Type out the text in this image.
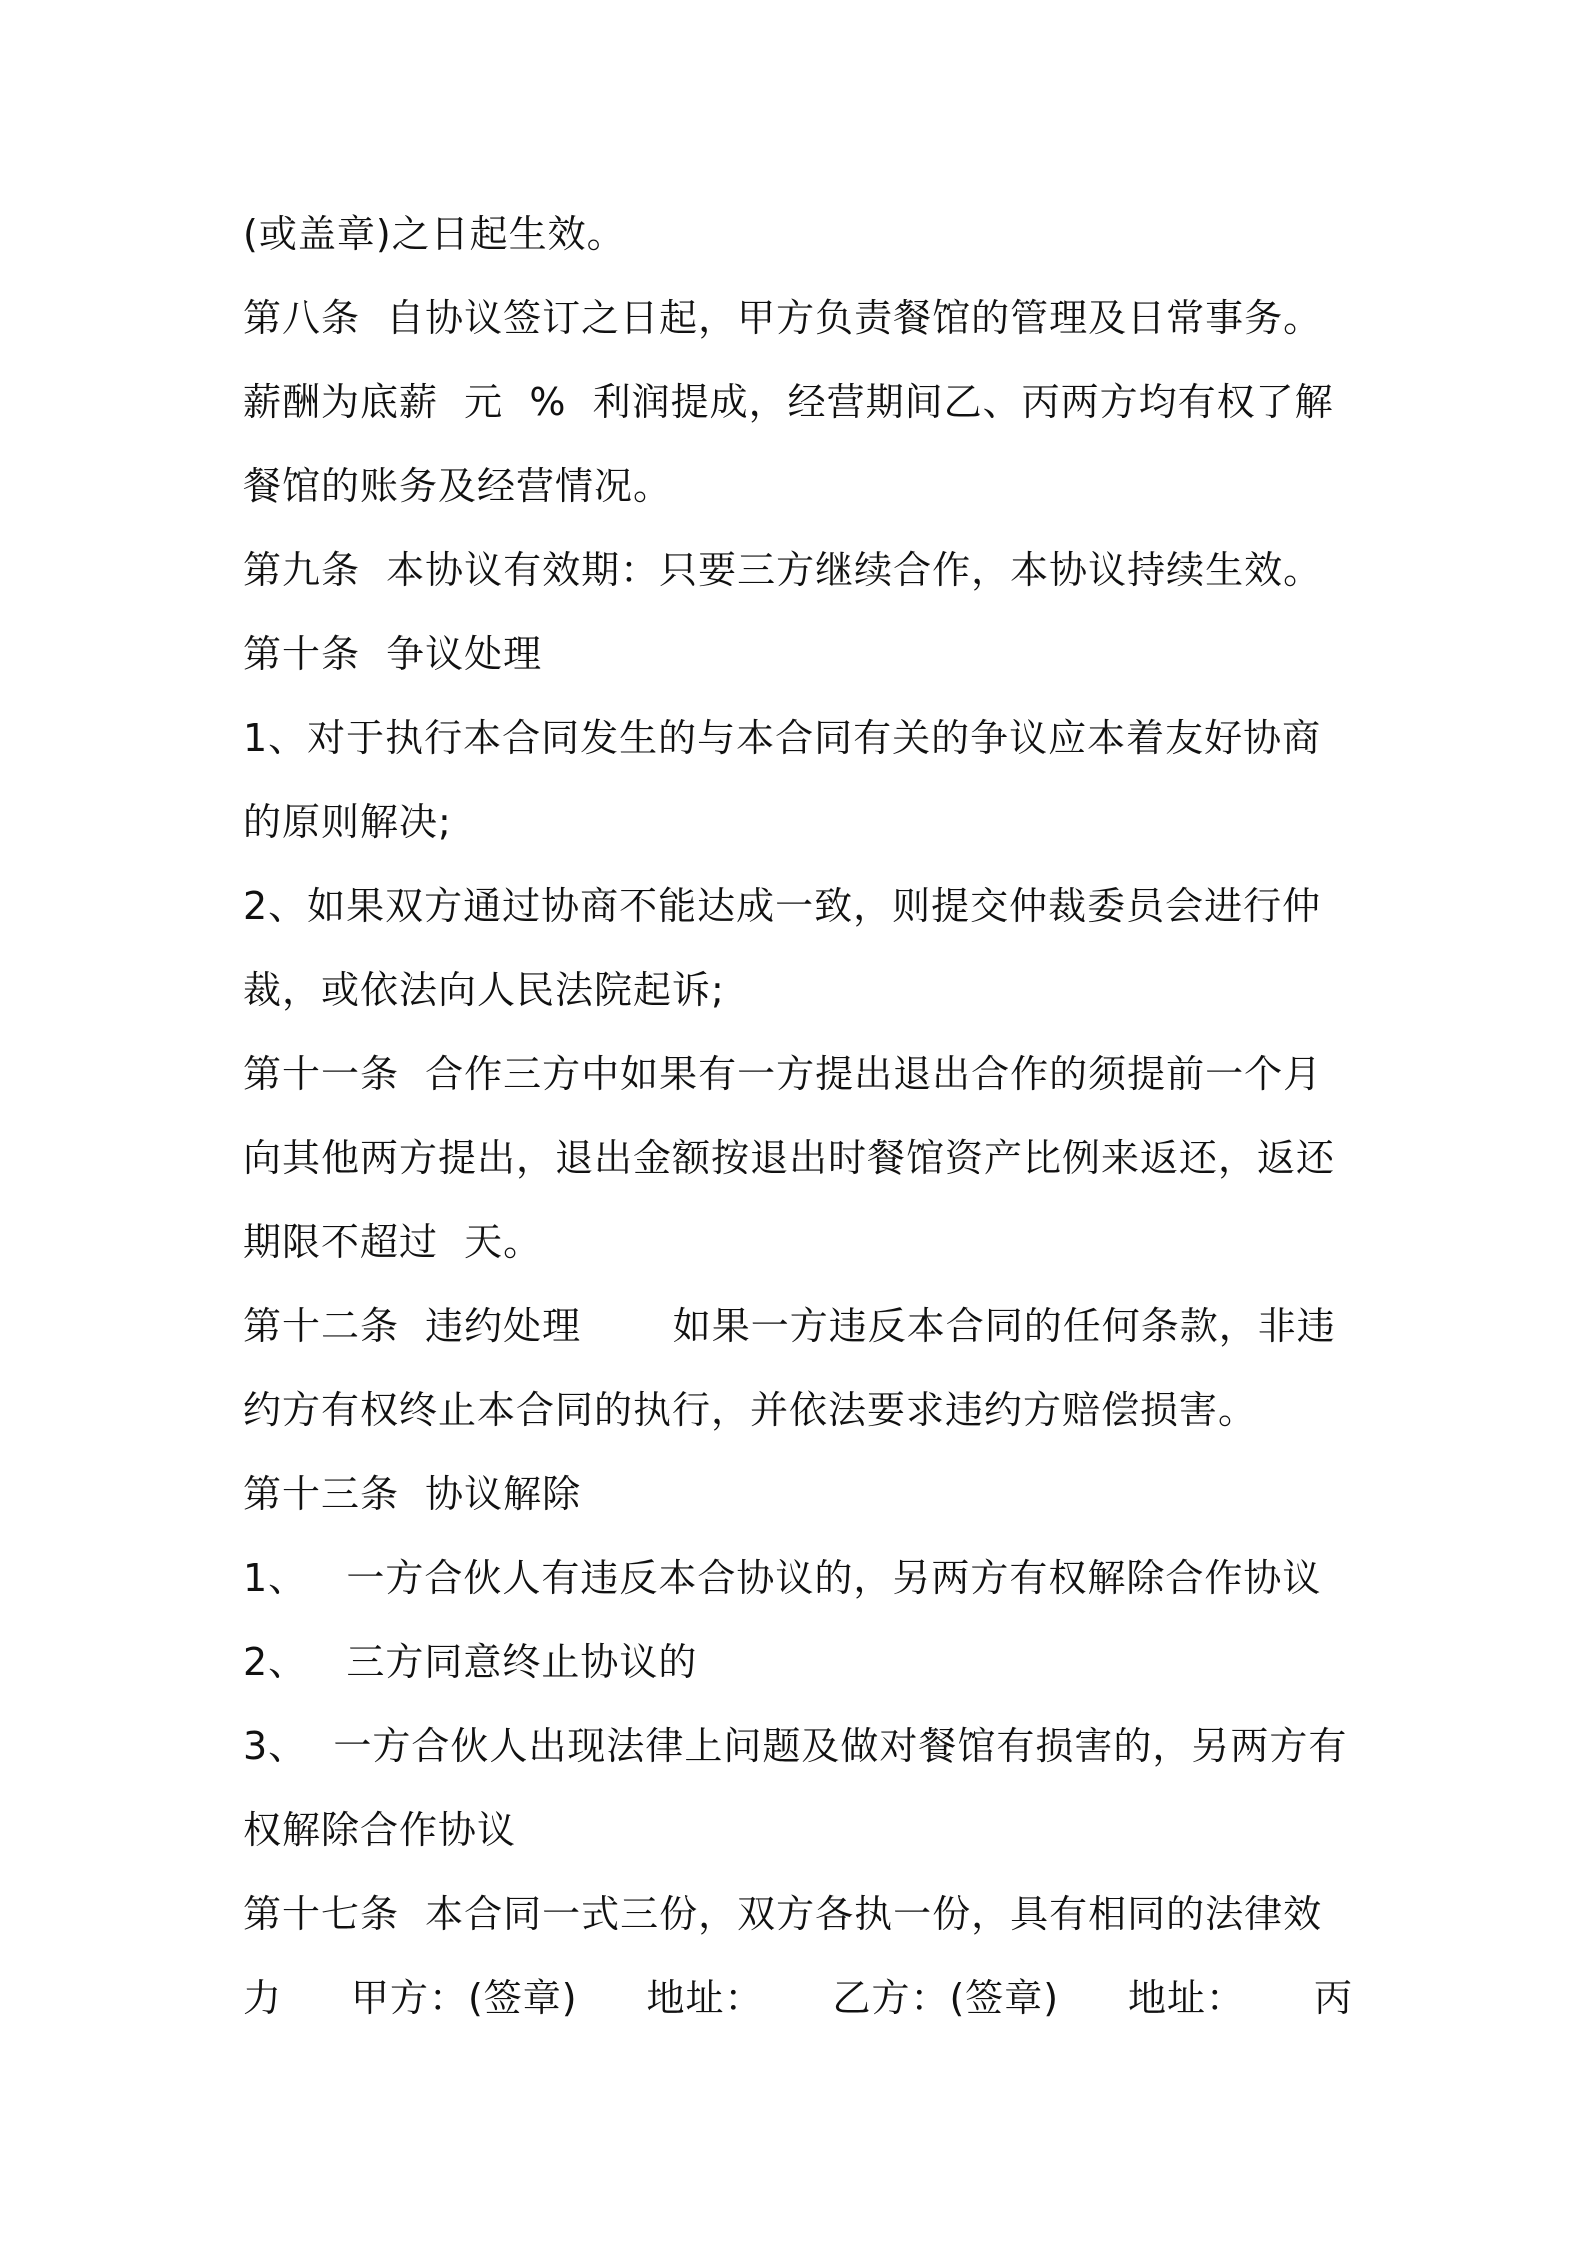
(或盖章)之日起生效。
第八条  自协议签订之日起，甲方负责餐馆的管理及日常事务。
薪酬为底薪  元  %  利润提成，经营期间乙、丙两方均有权了解
餐馆的账务及经营情况。
第九条  本协议有效期：只要三方继续合作，本协议持续生效。
第十条  争议处理
1、对于执行本合同发生的与本合同有关的争议应本着友好协商
的原则解决;
2、如果双方通过协商不能达成一致，则提交仲裁委员会进行仲
裁，或依法向人民法院起诉;
第十一条  合作三方中如果有一方提出退出合作的须提前一个月
向其他两方提出，退出金额按退出时餐馆资产比例来返还，返还
期限不超过  天。
第十二条  违约处理       如果一方违反本合同的任何条款，非违
约方有权终止本合同的执行，并依法要求违约方赔偿损害。
第十三条  协议解除
1、   一方合伙人有违反本合协议的，另两方有权解除合作协议
2、   三方同意终止协议的
3、  一方合伙人出现法律上问题及做对餐馆有损害的，另两方有
权解除合作协议
第十七条  本合同一式三份，双方各执一份，具有相同的法律效
力 甲方：(签章) 地址： 乙方：(签章) 地址： 丙
